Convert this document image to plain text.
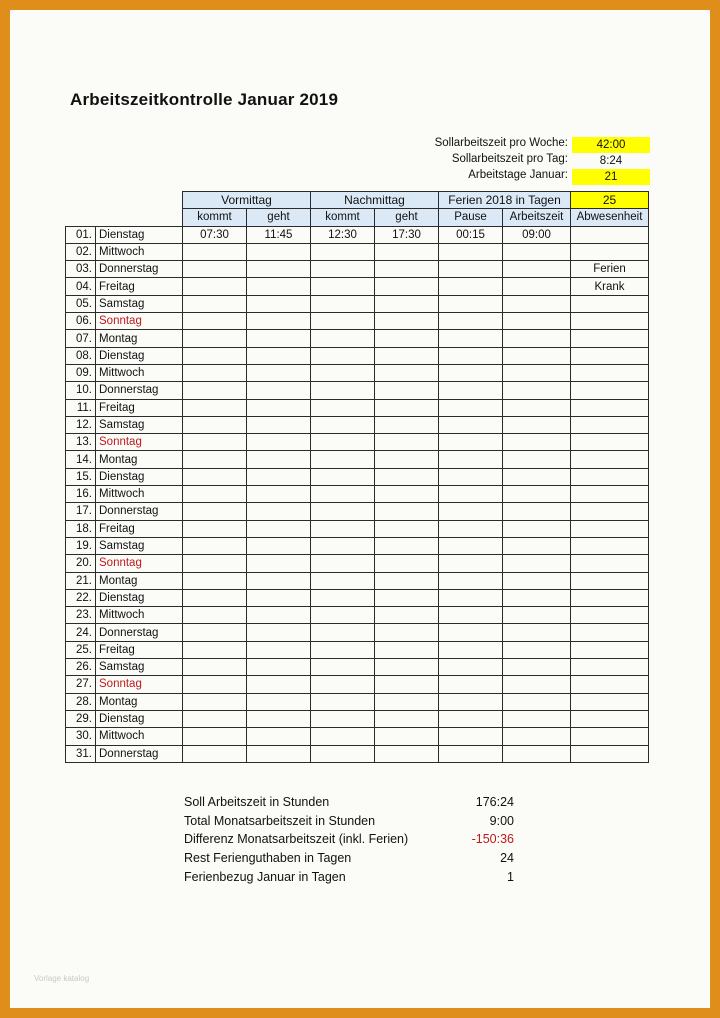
Arbeitszeitkontrolle Januar 2019
Sollarbeitszeit pro Woche:	42:00
Sollarbeitszeit pro Tag:	8:24
Arbeitstage Januar:	21
		Vormittag		Nachmittag		Ferien 2018 in Tagen		25
		kommt	geht	kommt	geht	Pause	Arbeitszeit	Abwesenheit
01.	Dienstag	07:30	11:45	12:30	17:30	00:15	09:00	
02.	Mittwoch							
03.	Donnerstag							Ferien
04.	Freitag							Krank
05.	Samstag							
06.	Sonntag							
07.	Montag							
08.	Dienstag							
09.	Mittwoch							
10.	Donnerstag							
11.	Freitag							
12.	Samstag							
13.	Sonntag							
14.	Montag							
15.	Dienstag							
16.	Mittwoch							
17.	Donnerstag							
18.	Freitag							
19.	Samstag							
20.	Sonntag							
21.	Montag							
22.	Dienstag							
23.	Mittwoch							
24.	Donnerstag							
25.	Freitag							
26.	Samstag							
27.	Sonntag							
28.	Montag							
29.	Dienstag							
30.	Mittwoch							
31.	Donnerstag							
Soll Arbeitszeit in Stunden	176:24
Total Monatsarbeitszeit in Stunden	9:00
Differenz Monatsarbeitszeit (inkl. Ferien)	-150:36
Rest Ferienguthaben in Tagen	24
Ferienbezug Januar in Tagen	1
Vorlage katalog
